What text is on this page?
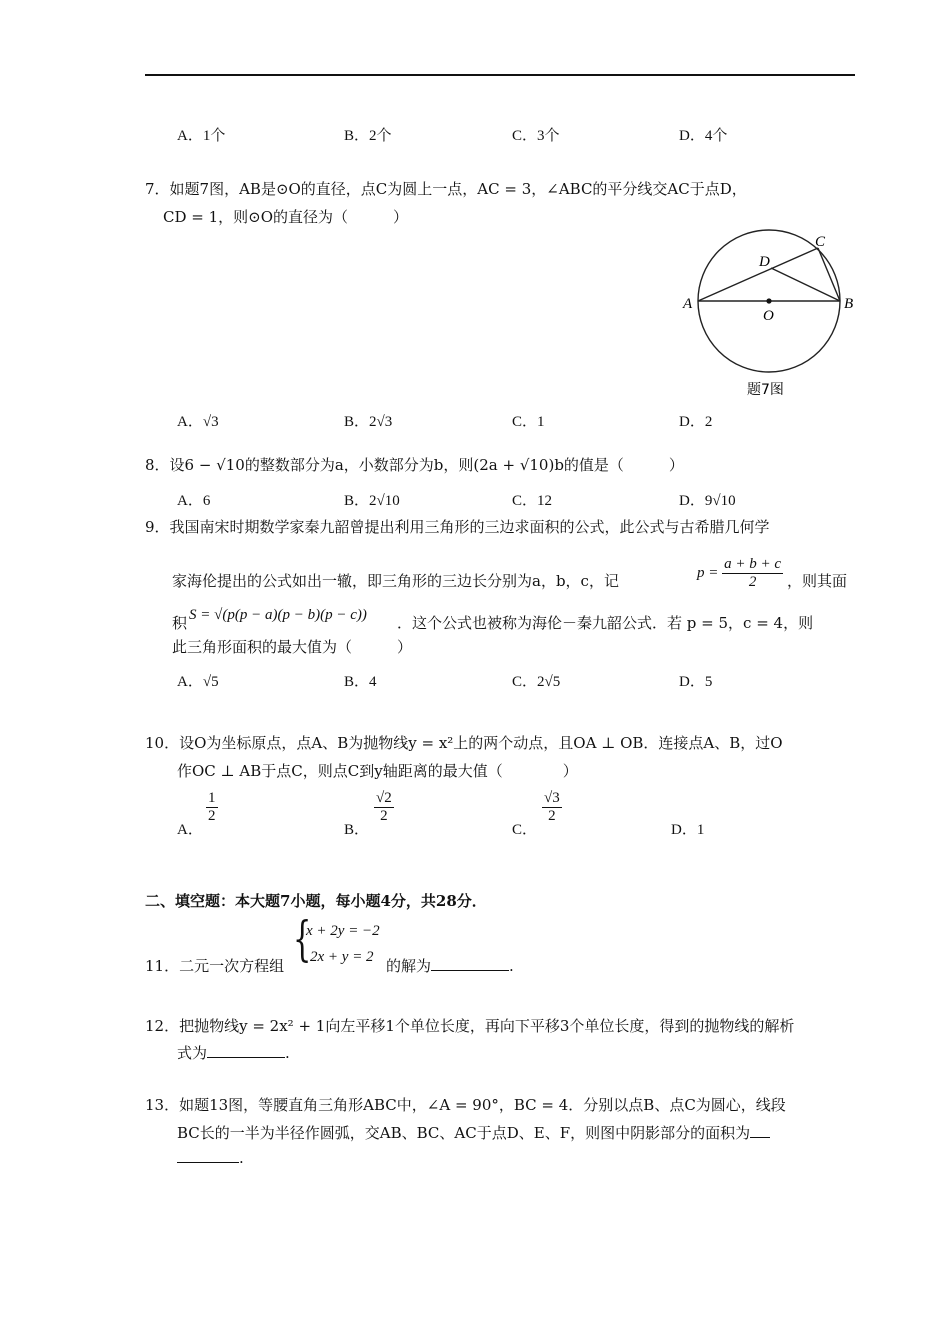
A．1个	B．2个	C．3个	D．4个
7．如题7图，AB是⊙O的直径，点C为圆上一点，AC = 3，∠ABC的平分线交AC于点D，
CD = 1，则⊙O的直径为（　　　）
A	B
C
D
O
题7图
A．√3	B．2√3	C．1	D．2
8．设6 − √10的整数部分为a，小数部分为b，则(2a + √10)b的值是（　　　）
A．6	B．2√10	C．12	D．9√10
9．我国南宋时期数学家秦九韶曾提出利用三角形的三边求面积的公式，此公式与古希腊几何学
家海伦提出的公式如出一辙，即三角形的三边长分别为a，b，c，记	$p = \frac{a + b + c}{2}$ ，则其面
积 S = √(p(p − a)(p − b)(p − c)) ．这个公式也被称为海伦－秦九韶公式．若 p = 5，c = 4，则
此三角形面积的最大值为（　　　）
A．√5	B．4	C．2√5	D．5
10．设O为坐标原点，点A、B为抛物线y = x²上的两个动点，且OA ⊥ OB．连接点A、B，过O
作OC ⊥ AB于点C，则点C到y轴距离的最大值（　　　　）
A．
$\frac{1}{2}$
B．
$\frac{√2}{2}$
C．
$\frac{√3}{2}$
D．1
二、填空题：本大题7小题，每小题4分，共28分．
11．二元一次方程组 {
x + 2y = −2
2x + y = 2 的解为	.
12．把抛物线y = 2x² + 1向左平移1个单位长度，再向下平移3个单位长度，得到的抛物线的解析
式为	.
13．如题13图，等腰直角三角形ABC中，∠A = 90°，BC = 4．分别以点B、点C为圆心，线段
BC长的一半为半径作圆弧，交AB、BC、AC于点D、E、F，则图中阴影部分的面积为
.
